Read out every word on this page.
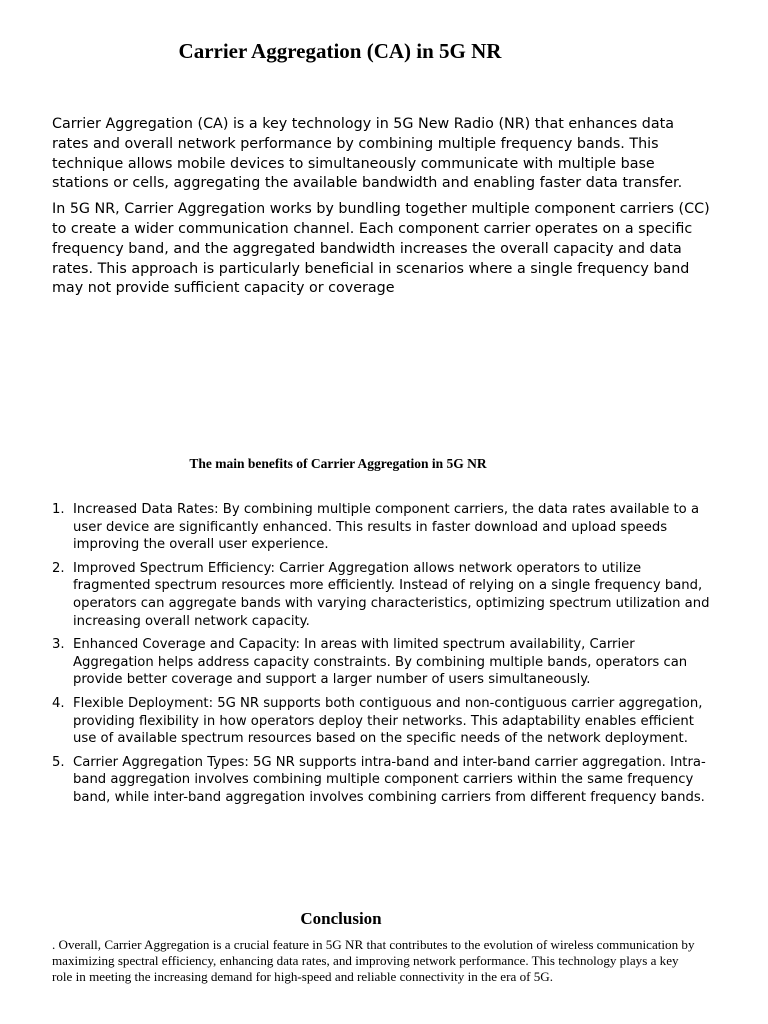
Carrier Aggregation (CA) in 5G NR

Carrier Aggregation (CA) is a key technology in 5G New Radio (NR) that enhances data rates and overall network performance by combining multiple frequency bands. This technique allows mobile devices to simultaneously communicate with multiple base stations or cells, aggregating the available bandwidth and enabling faster data transfer.

In 5G NR, Carrier Aggregation works by bundling together multiple component carriers (CC) to create a wider communication channel. Each component carrier operates on a specific frequency band, and the aggregated bandwidth increases the overall capacity and data rates. This approach is particularly beneficial in scenarios where a single frequency band may not provide sufficient capacity or coverage

The main benefits of Carrier Aggregation in 5G NR
1. Increased Data Rates: By combining multiple component carriers, the data rates available to a user device are significantly enhanced. This results in faster download and upload speeds improving the overall user experience.
2. Improved Spectrum Efficiency: Carrier Aggregation allows network operators to utilize fragmented spectrum resources more efficiently. Instead of relying on a single frequency band, operators can aggregate bands with varying characteristics, optimizing spectrum utilization and increasing overall network capacity.
3. Enhanced Coverage and Capacity: In areas with limited spectrum availability, Carrier Aggregation helps address capacity constraints. By combining multiple bands, operators can provide better coverage and support a larger number of users simultaneously.
4. Flexible Deployment: 5G NR supports both contiguous and non-contiguous carrier aggregation, providing flexibility in how operators deploy their networks. This adaptability enables efficient use of available spectrum resources based on the specific needs of the network deployment.
5. Carrier Aggregation Types: 5G NR supports intra-band and inter-band carrier aggregation. Intra-band aggregation involves combining multiple component carriers within the same frequency band, while inter-band aggregation involves combining carriers from different frequency bands.
Conclusion

. Overall, Carrier Aggregation is a crucial feature in 5G NR that contributes to the evolution of wireless communication by maximizing spectral efficiency, enhancing data rates, and improving network performance. This technology plays a key role in meeting the increasing demand for high-speed and reliable connectivity in the era of 5G.
